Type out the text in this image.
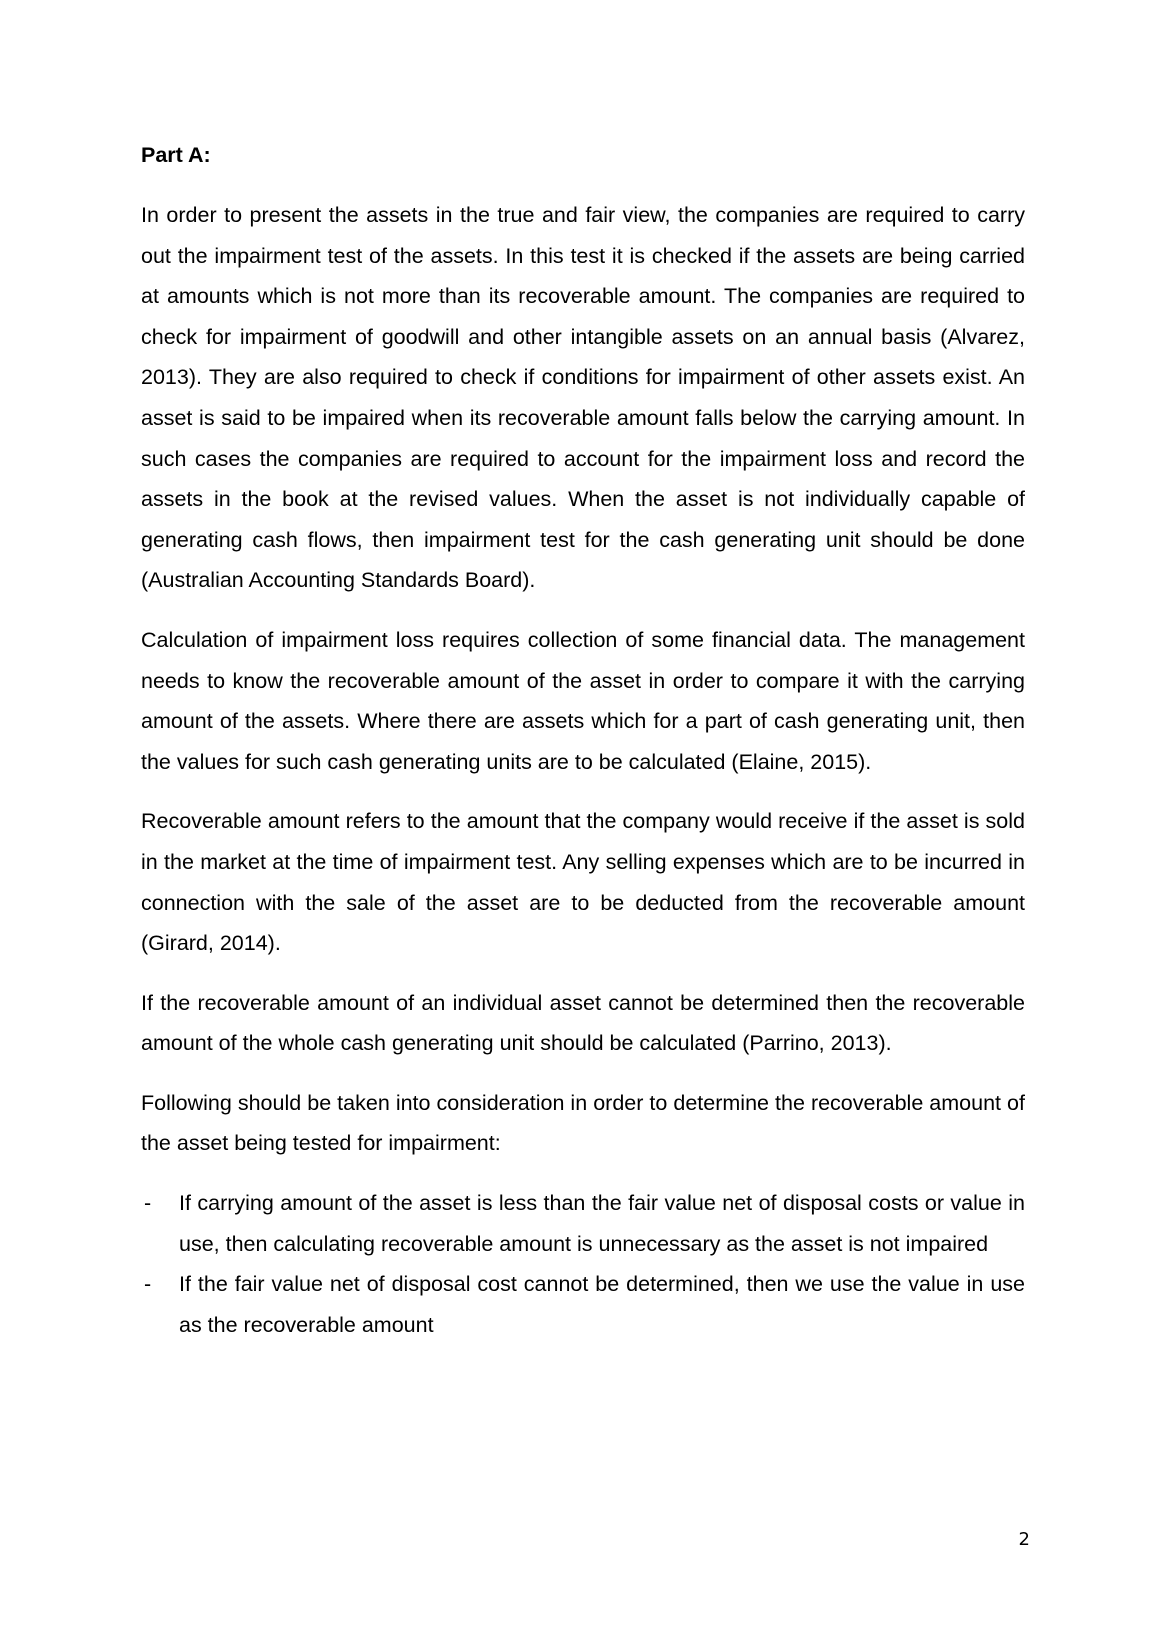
Part A:

In order to present the assets in the true and fair view, the companies are required to carry out the impairment test of the assets. In this test it is checked if the assets are being carried at amounts which is not more than its recoverable amount. The companies are required to check for impairment of goodwill and other intangible assets on an annual basis (Alvarez, 2013). They are also required to check if conditions for impairment of other assets exist. An asset is said to be impaired when its recoverable amount falls below the carrying amount. In such cases the companies are required to account for the impairment loss and record the assets in the book at the revised values. When the asset is not individually capable of generating cash flows, then impairment test for the cash generating unit should be done (Australian Accounting Standards Board).

Calculation of impairment loss requires collection of some financial data. The management needs to know the recoverable amount of the asset in order to compare it with the carrying amount of the assets. Where there are assets which for a part of cash generating unit, then the values for such cash generating units are to be calculated (Elaine, 2015).

Recoverable amount refers to the amount that the company would receive if the asset is sold in the market at the time of impairment test. Any selling expenses which are to be incurred in connection with the sale of the asset are to be deducted from the recoverable amount (Girard, 2014).

If the recoverable amount of an individual asset cannot be determined then the recoverable amount of the whole cash generating unit should be calculated (Parrino, 2013).

Following should be taken into consideration in order to determine the recoverable amount of the asset being tested for impairment:

- If carrying amount of the asset is less than the fair value net of disposal costs or value in use, then calculating recoverable amount is unnecessary as the asset is not impaired
- If the fair value net of disposal cost cannot be determined, then we use the value in use as the recoverable amount
2
